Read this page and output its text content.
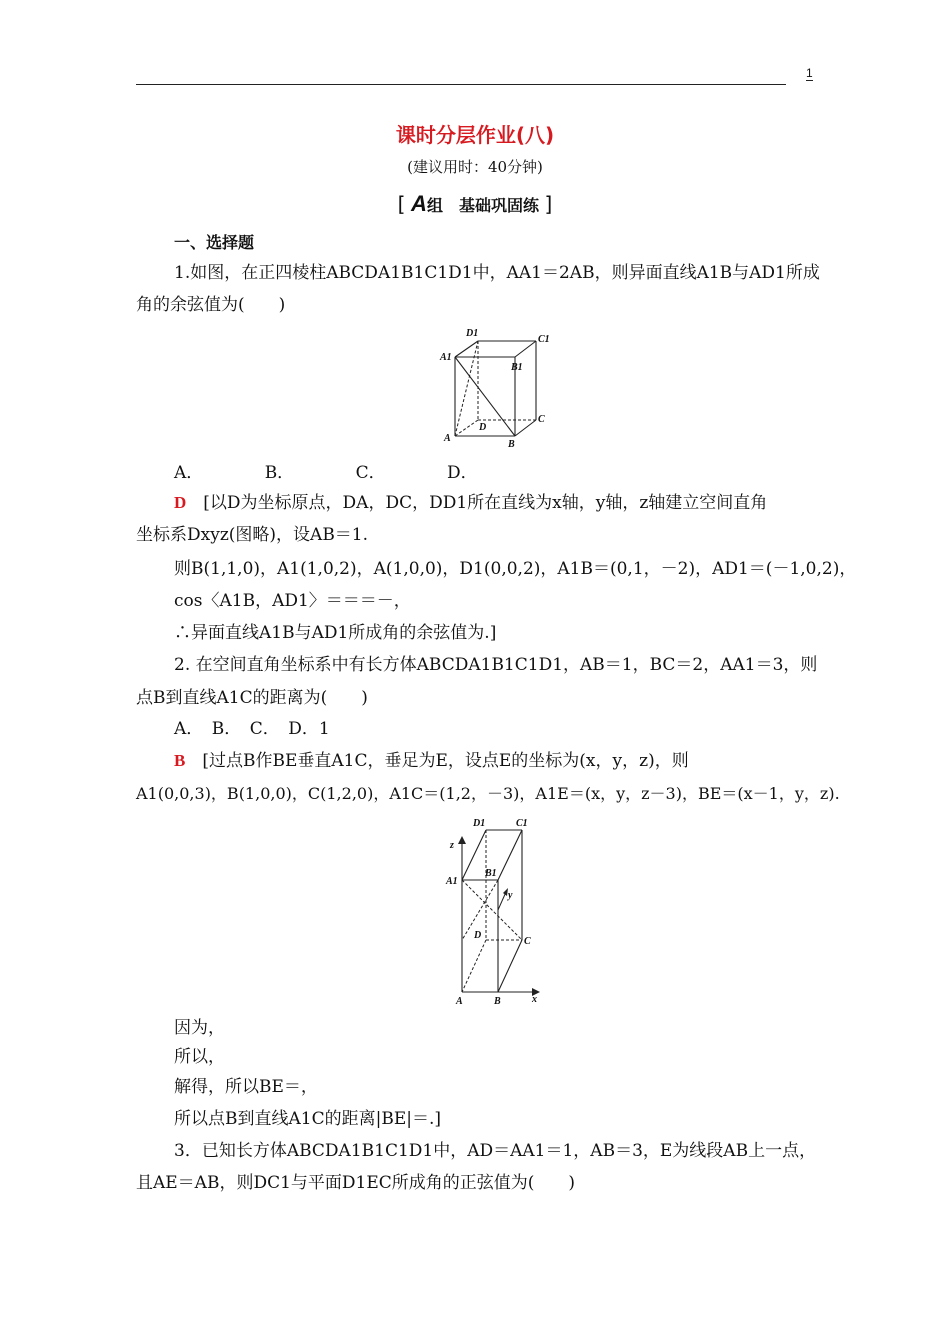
1
课时分层作业(八)
(建议用时：40分钟)
[ A组　基础巩固练 ]
一、选择题
1.如图，在正四棱柱ABCDA1B1C1D1中，AA1＝2AB，则异面直线A1B与AD1所成
角的余弦值为(　　)
D1
C1
A1
B1
D
C
A
B
A．	B．	C．	D．
D　 [以D为坐标原点，DA，DC，DD1所在直线为x轴，y轴，z轴建立空间直角
坐标系Dxyz(图略)，设AB＝1.
则B(1,1,0)，A1(1,0,2)，A(1,0,0)，D1(0,0,2)，A1B＝(0,1，－2)，AD1＝(－1,0,2)，
cos〈A1B，AD1〉＝＝＝－，
∴异面直线A1B与AD1所成角的余弦值为.]
2. 在空间直角坐标系中有长方体ABCDA1B1C1D1，AB＝1，BC＝2，AA1＝3，则
点B到直线A1C的距离为(　　)
A．　B．　C．　D．1
B　 [过点B作BE垂直A1C，垂足为E，设点E的坐标为(x，y，z)，则
A1(0,0,3)，B(1,0,0)，C(1,2,0)，A1C＝(1,2，－3)，A1E＝(x，y，z－3)，BE＝(x－1，y，z).
D1	C1
z
A1
B1
y
D
C
A	B	x
因为，
所以，
解得，所以BE＝，
所以点B到直线A1C的距离|BE|＝.]
3．已知长方体ABCDA1B1C1D1中，AD＝AA1＝1，AB＝3，E为线段AB上一点，
且AE＝AB，则DC1与平面D1EC所成角的正弦值为(　　)
